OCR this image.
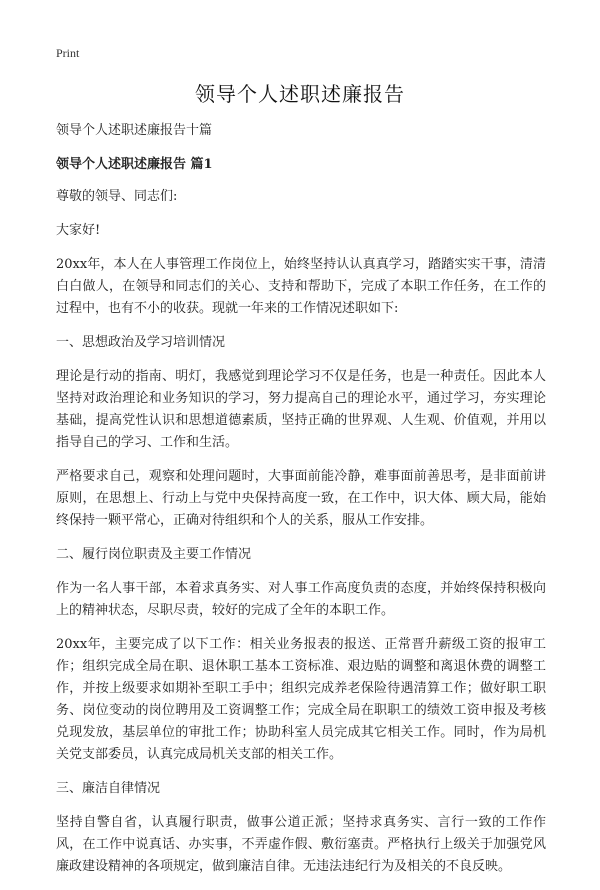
Print
领导个人述职述廉报告

领导个人述职述廉报告十篇

领导个人述职述廉报告 篇1

尊敬的领导、同志们:

大家好!

20xx年，本人在人事管理工作岗位上，始终坚持认认真真学习，踏踏实实干事，清清白白做人，在领导和同志们的关心、支持和帮助下，完成了本职工作任务，在工作的过程中，也有不小的收获。现就一年来的工作情况述职如下:

一、思想政治及学习培训情况

理论是行动的指南、明灯，我感觉到理论学习不仅是任务，也是一种责任。因此本人坚持对政治理论和业务知识的学习，努力提高自己的理论水平，通过学习，夯实理论基础，提高党性认识和思想道德素质，坚持正确的世界观、人生观、价值观，并用以指导自己的学习、工作和生活。

严格要求自己，观察和处理问题时，大事面前能冷静，难事面前善思考，是非面前讲原则，在思想上、行动上与党中央保持高度一致，在工作中，识大体、顾大局，能始终保持一颗平常心，正确对待组织和个人的关系，服从工作安排。

二、履行岗位职责及主要工作情况

作为一名人事干部，本着求真务实、对人事工作高度负责的态度，并始终保持积极向上的精神状态，尽职尽责，较好的完成了全年的本职工作。

20xx年，主要完成了以下工作：相关业务报表的报送、正常晋升薪级工资的报审工作；组织完成全局在职、退休职工基本工资标准、艰边贴的调整和离退休费的调整工作，并按上级要求如期补至职工手中；组织完成养老保险待遇清算工作；做好职工职务、岗位变动的岗位聘用及工资调整工作；完成全局在职职工的绩效工资申报及考核兑现发放，基层单位的审批工作；协助科室人员完成其它相关工作。同时，作为局机关党支部委员，认真完成局机关支部的相关工作。

三、廉洁自律情况

坚持自警自省，认真履行职责，做事公道正派；坚持求真务实、言行一致的工作作风，在工作中说真话、办实事，不弄虚作假、敷衍塞责。严格执行上级关于加强党风廉政建设精神的各项规定，做到廉洁自律。无违法违纪行为及相关的不良反映。
